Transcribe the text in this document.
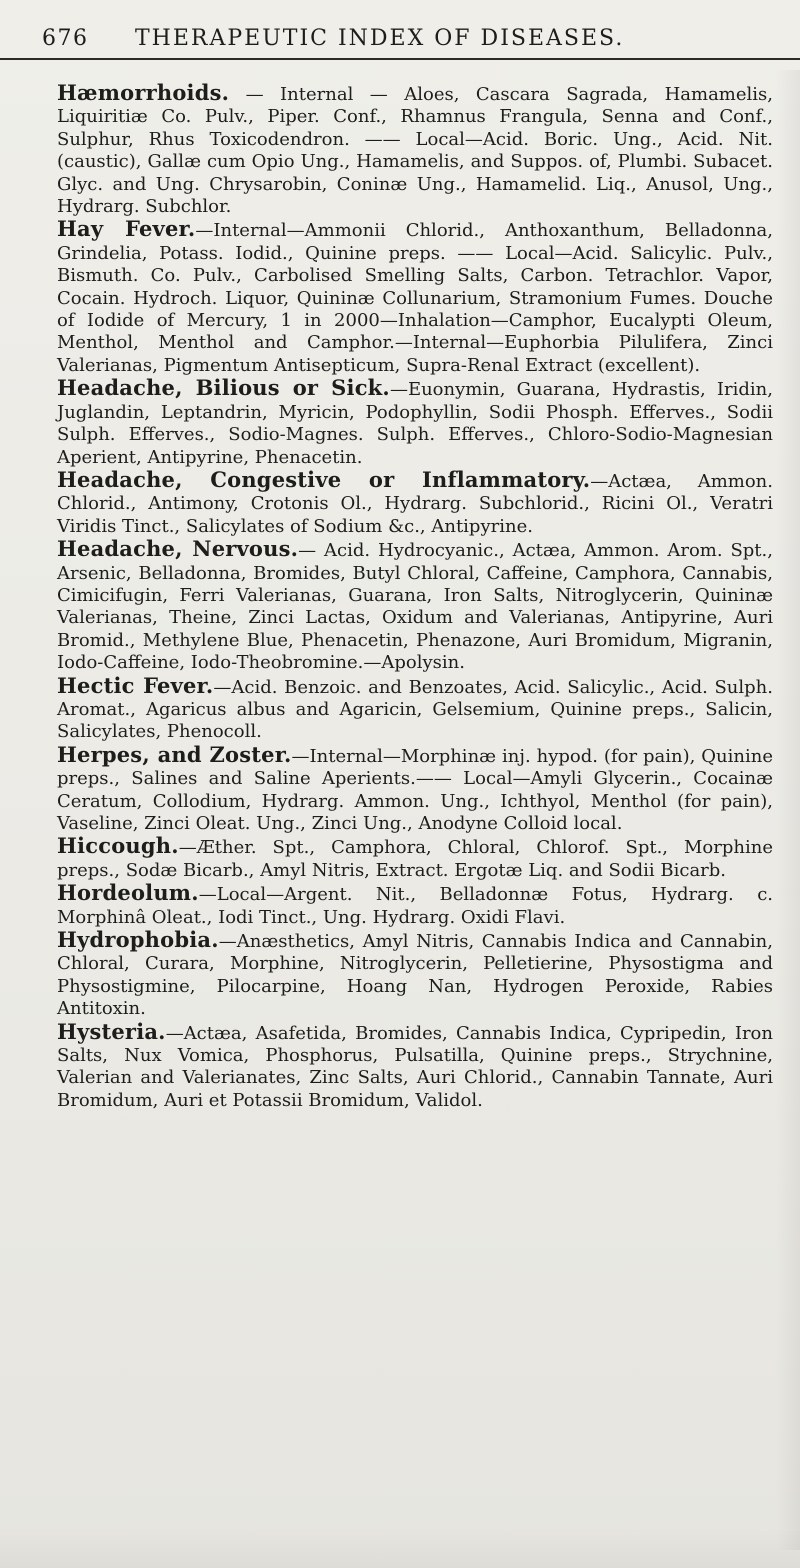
676 THERAPEUTIC INDEX OF DISEASES.

Hæmorrhoids. — Internal — Aloes, Cascara Sagrada, Hamamelis, Liquiritiæ Co. Pulv., Piper. Conf., Rhamnus Frangula, Senna and Conf., Sulphur, Rhus Toxicodendron. —— Local—Acid. Boric. Ung., Acid. Nit. (caustic), Gallæ cum Opio Ung., Hamamelis, and Suppos. of, Plumbi. Subacet. Glyc. and Ung. Chrysarobin, Coninæ Ung., Hamamelid. Liq., Anusol, Ung., Hydrarg. Subchlor.

Hay Fever.—Internal—Ammonii Chlorid., Anthoxanthum, Belladonna, Grindelia, Potass. Iodid., Quinine preps. —— Local—Acid. Salicylic. Pulv., Bismuth. Co. Pulv., Carbolised Smelling Salts, Carbon. Tetrachlor. Vapor, Cocain. Hydroch. Liquor, Quininæ Collunarium, Stramonium Fumes. Douche of Iodide of Mercury, 1 in 2000—Inhalation—Camphor, Eucalypti Oleum, Menthol, Menthol and Camphor.—Internal—Euphorbia Pilulifera, Zinci Valerianas, Pigmentum Antisepticum, Supra-Renal Extract (excellent).

Headache, Bilious or Sick.—Euonymin, Guarana, Hydrastis, Iridin, Juglandin, Leptandrin, Myricin, Podophyllin, Sodii Phosph. Efferves., Sodii Sulph. Efferves., Sodio-Magnes. Sulph. Efferves., Chloro-Sodio-Magnesian Aperient, Antipyrine, Phenacetin.

Headache, Congestive or Inflammatory.—Actæa, Ammon. Chlorid., Antimony, Crotonis Ol., Hydrarg. Subchlorid., Ricini Ol., Veratri Viridis Tinct., Salicylates of Sodium &c., Antipyrine.

Headache, Nervous.— Acid. Hydrocyanic., Actæa, Ammon. Arom. Spt., Arsenic, Belladonna, Bromides, Butyl Chloral, Caffeine, Camphora, Cannabis, Cimicifugin, Ferri Valerianas, Guarana, Iron Salts, Nitroglycerin, Quininæ Valerianas, Theine, Zinci Lactas, Oxidum and Valerianas, Antipyrine, Auri Bromid., Methylene Blue, Phenacetin, Phenazone, Auri Bromidum, Migranin, Iodo-Caffeine, Iodo-Theobromine.—Apolysin.

Hectic Fever.—Acid. Benzoic. and Benzoates, Acid. Salicylic., Acid. Sulph. Aromat., Agaricus albus and Agaricin, Gelsemium, Quinine preps., Salicin, Salicylates, Phenocoll.

Herpes, and Zoster.—Internal—Morphinæ inj. hypod. (for pain), Quinine preps., Salines and Saline Aperients.—— Local—Amyli Glycerin., Cocainæ Ceratum, Collodium, Hydrarg. Ammon. Ung., Ichthyol, Menthol (for pain), Vaseline, Zinci Oleat. Ung., Zinci Ung., Anodyne Colloid local.

Hiccough.—Æther. Spt., Camphora, Chloral, Chlorof. Spt., Morphine preps., Sodæ Bicarb., Amyl Nitris, Extract. Ergotæ Liq. and Sodii Bicarb.

Hordeolum.—Local—Argent. Nit., Belladonnæ Fotus, Hydrarg. c. Morphinâ Oleat., Iodi Tinct., Ung. Hydrarg. Oxidi Flavi.

Hydrophobia.—Anæsthetics, Amyl Nitris, Cannabis Indica and Cannabin, Chloral, Curara, Morphine, Nitroglycerin, Pelletierine, Physostigma and Physostigmine, Pilocarpine, Hoang Nan, Hydrogen Peroxide, Rabies Antitoxin.

Hysteria.—Actæa, Asafetida, Bromides, Cannabis Indica, Cypripedin, Iron Salts, Nux Vomica, Phosphorus, Pulsatilla, Quinine preps., Strychnine, Valerian and Valerianates, Zinc Salts, Auri Chlorid., Cannabin Tannate, Auri Bromidum, Auri et Potassii Bromidum, Validol.
